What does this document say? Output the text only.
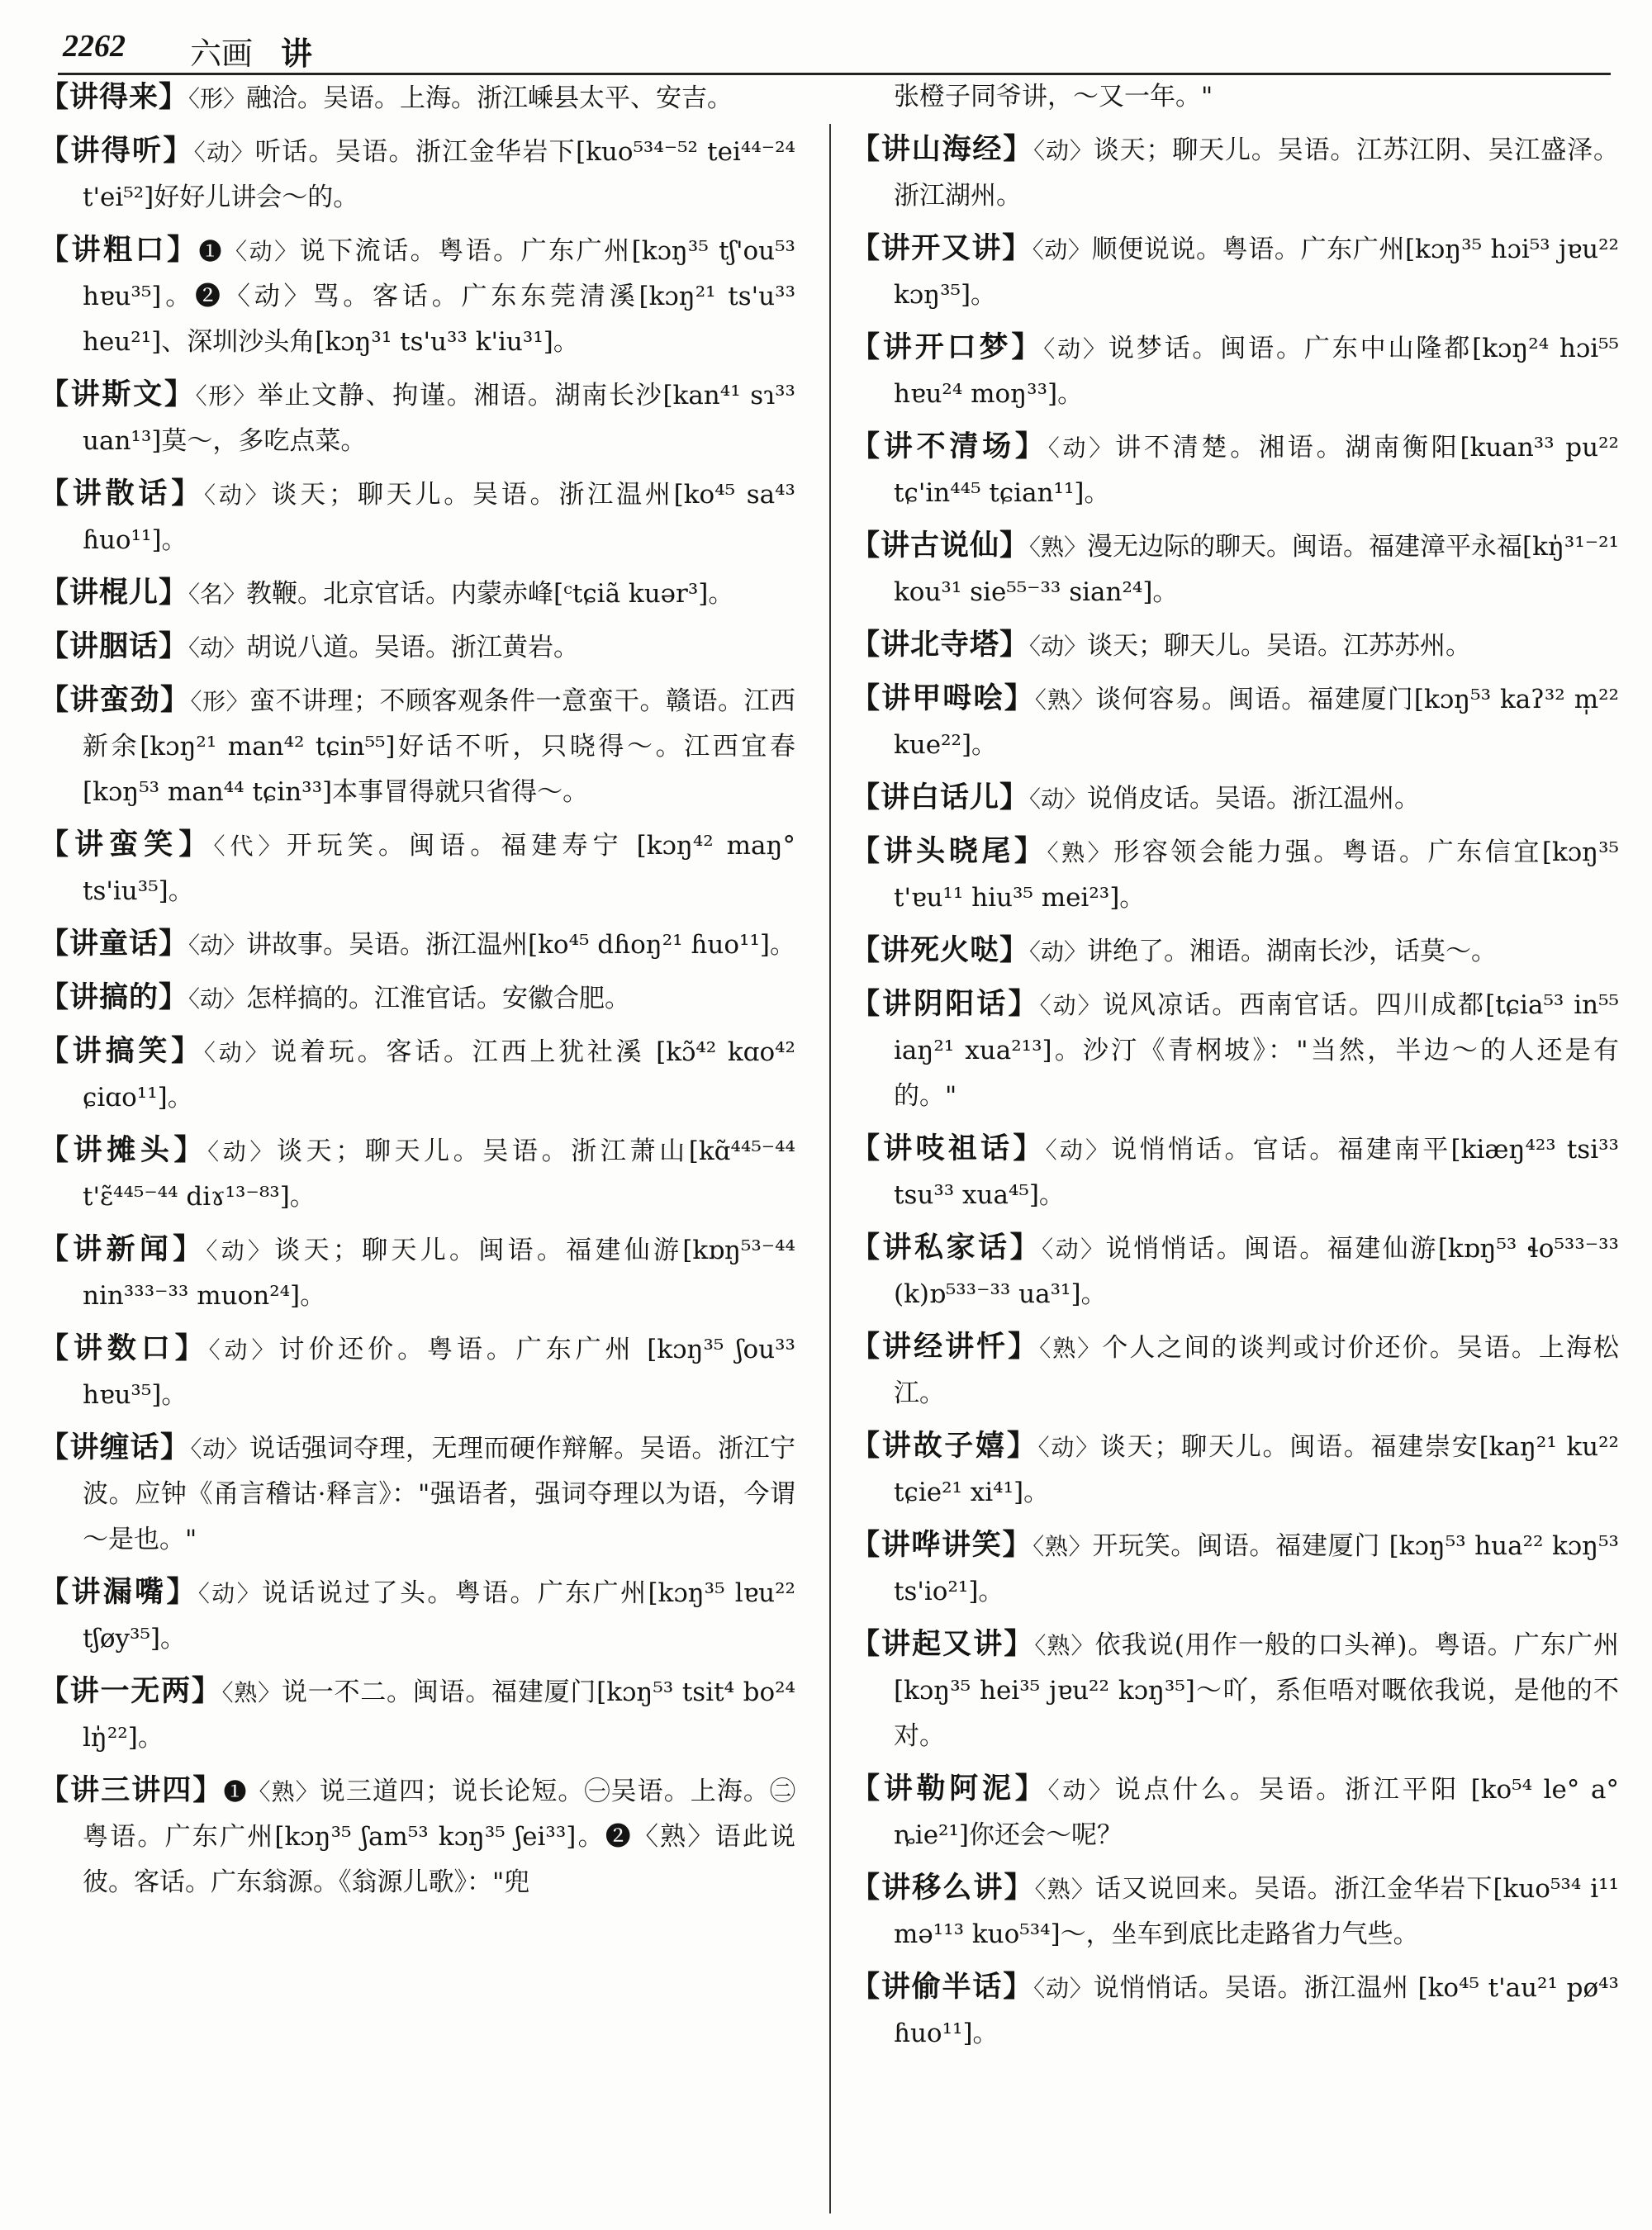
2262 六画 讲

【讲得来】〈形〉融洽。吴语。上海。浙江嵊县太平、安吉。

【讲得听】〈动〉听话。吴语。浙江金华岩下[kuo⁵³⁴⁻⁵² tei⁴⁴⁻²⁴ t'ei⁵²]好好儿讲会～的。

【讲粗口】❶〈动〉说下流话。粤语。广东广州[kɔŋ³⁵ tʃ'ou⁵³ hɐu³⁵]。❷〈动〉骂。客话。广东东莞清溪[kɔŋ²¹ ts'u³³ heu²¹]、深圳沙头角[kɔŋ³¹ ts'u³³ k'iu³¹]。

【讲斯文】〈形〉举止文静、拘谨。湘语。湖南长沙[kan⁴¹ sɿ³³ uan¹³]莫～，多吃点菜。

【讲散话】〈动〉谈天；聊天儿。吴语。浙江温州[ko⁴⁵ sa⁴³ ɦuo¹¹]。

【讲棍儿】〈名〉教鞭。北京官话。内蒙赤峰[ᶜtɕiã kuər³]。

【讲胭话】〈动〉胡说八道。吴语。浙江黄岩。

【讲蛮劲】〈形〉蛮不讲理；不顾客观条件一意蛮干。赣语。江西新余[kɔŋ²¹ man⁴² tɕin⁵⁵]好话不听，只晓得～。江西宜春[kɔŋ⁵³ man⁴⁴ tɕin³³]本事冒得就只省得～。

【讲蛮笑】〈代〉开玩笑。闽语。福建寿宁 [kɔŋ⁴² maŋ° ts'iu³⁵]。

【讲童话】〈动〉讲故事。吴语。浙江温州[ko⁴⁵ dɦoŋ²¹ ɦuo¹¹]。

【讲搞的】〈动〉怎样搞的。江淮官话。安徽合肥。

【讲搞笑】〈动〉说着玩。客话。江西上犹社溪 [kɔ̃⁴² kɑo⁴² ɕiɑo¹¹]。

【讲摊头】〈动〉谈天；聊天儿。吴语。浙江萧山[kɑ̃⁴⁴⁵⁻⁴⁴ t'ɛ̃⁴⁴⁵⁻⁴⁴ diɤ¹³⁻⁸³]。

【讲新闻】〈动〉谈天；聊天儿。闽语。福建仙游[kɒŋ⁵³⁻⁴⁴ nin³³³⁻³³ muon²⁴]。

【讲数口】〈动〉讨价还价。粤语。广东广州 [kɔŋ³⁵ ʃou³³ hɐu³⁵]。

【讲缠话】〈动〉说话强词夺理，无理而硬作辩解。吴语。浙江宁波。应钟《甬言稽诂·释言》："强语者，强词夺理以为语，今谓～是也。"

【讲漏嘴】〈动〉说话说过了头。粤语。广东广州[kɔŋ³⁵ lɐu²² tʃøy³⁵]。

【讲一无两】〈熟〉说一不二。闽语。福建厦门[kɔŋ⁵³ tsit⁴ bo²⁴ lŋ̍²²]。

【讲三讲四】❶〈熟〉说三道四；说长论短。㊀吴语。上海。㊁粤语。广东广州[kɔŋ³⁵ ʃam⁵³ kɔŋ³⁵ ʃei³³]。❷〈熟〉语此说彼。客话。广东翁源。《翁源儿歌》："兜

张橙子同爷讲，～又一年。"

【讲山海经】〈动〉谈天；聊天儿。吴语。江苏江阴、吴江盛泽。浙江湖州。

【讲开又讲】〈动〉顺便说说。粤语。广东广州[kɔŋ³⁵ hɔi⁵³ jɐu²² kɔŋ³⁵]。

【讲开口梦】〈动〉说梦话。闽语。广东中山隆都[kɔŋ²⁴ hɔi⁵⁵ hɐu²⁴ moŋ³³]。

【讲不清场】〈动〉讲不清楚。湘语。湖南衡阳[kuan³³ pu²² tɕ'in⁴⁴⁵ tɕian¹¹]。

【讲古说仙】〈熟〉漫无边际的聊天。闽语。福建漳平永福[kŋ̍³¹⁻²¹ kou³¹ sie⁵⁵⁻³³ sian²⁴]。

【讲北寺塔】〈动〉谈天；聊天儿。吴语。江苏苏州。

【讲甲呣哙】〈熟〉谈何容易。闽语。福建厦门[kɔŋ⁵³ kaʔ³² m̩²² kue²²]。

【讲白话儿】〈动〉说俏皮话。吴语。浙江温州。

【讲头晓尾】〈熟〉形容领会能力强。粤语。广东信宜[kɔŋ³⁵ t'ɐu¹¹ hiu³⁵ mei²³]。

【讲死火哒】〈动〉讲绝了。湘语。湖南长沙，话莫～。

【讲阴阳话】〈动〉说风凉话。西南官话。四川成都[tɕia⁵³ in⁵⁵ iaŋ²¹ xua²¹³]。沙汀《青㭎坡》："当然，半边～的人还是有的。"

【讲吱祖话】〈动〉说悄悄话。官话。福建南平[kiæŋ⁴²³ tsi³³ tsu³³ xua⁴⁵]。

【讲私家话】〈动〉说悄悄话。闽语。福建仙游[kɒŋ⁵³ ɬo⁵³³⁻³³ (k)ɒ⁵³³⁻³³ ua³¹]。

【讲经讲忏】〈熟〉个人之间的谈判或讨价还价。吴语。上海松江。

【讲故子嬉】〈动〉谈天；聊天儿。闽语。福建崇安[kaŋ²¹ ku²² tɕie²¹ xi⁴¹]。

【讲哗讲笑】〈熟〉开玩笑。闽语。福建厦门 [kɔŋ⁵³ hua²² kɔŋ⁵³ ts'io²¹]。

【讲起又讲】〈熟〉依我说(用作一般的口头禅)。粤语。广东广州[kɔŋ³⁵ hei³⁵ jɐu²² kɔŋ³⁵]～吖，系佢唔对嘅依我说，是他的不对。

【讲勒阿泥】〈动〉说点什么。吴语。浙江平阳 [ko⁵⁴ le° a° ȵie²¹]你还会～呢？

【讲移么讲】〈熟〉话又说回来。吴语。浙江金华岩下[kuo⁵³⁴ i¹¹ mə¹¹³ kuo⁵³⁴]～，坐车到底比走路省力气些。

【讲偷半话】〈动〉说悄悄话。吴语。浙江温州 [ko⁴⁵ t'au²¹ pø⁴³ ɦuo¹¹]。
